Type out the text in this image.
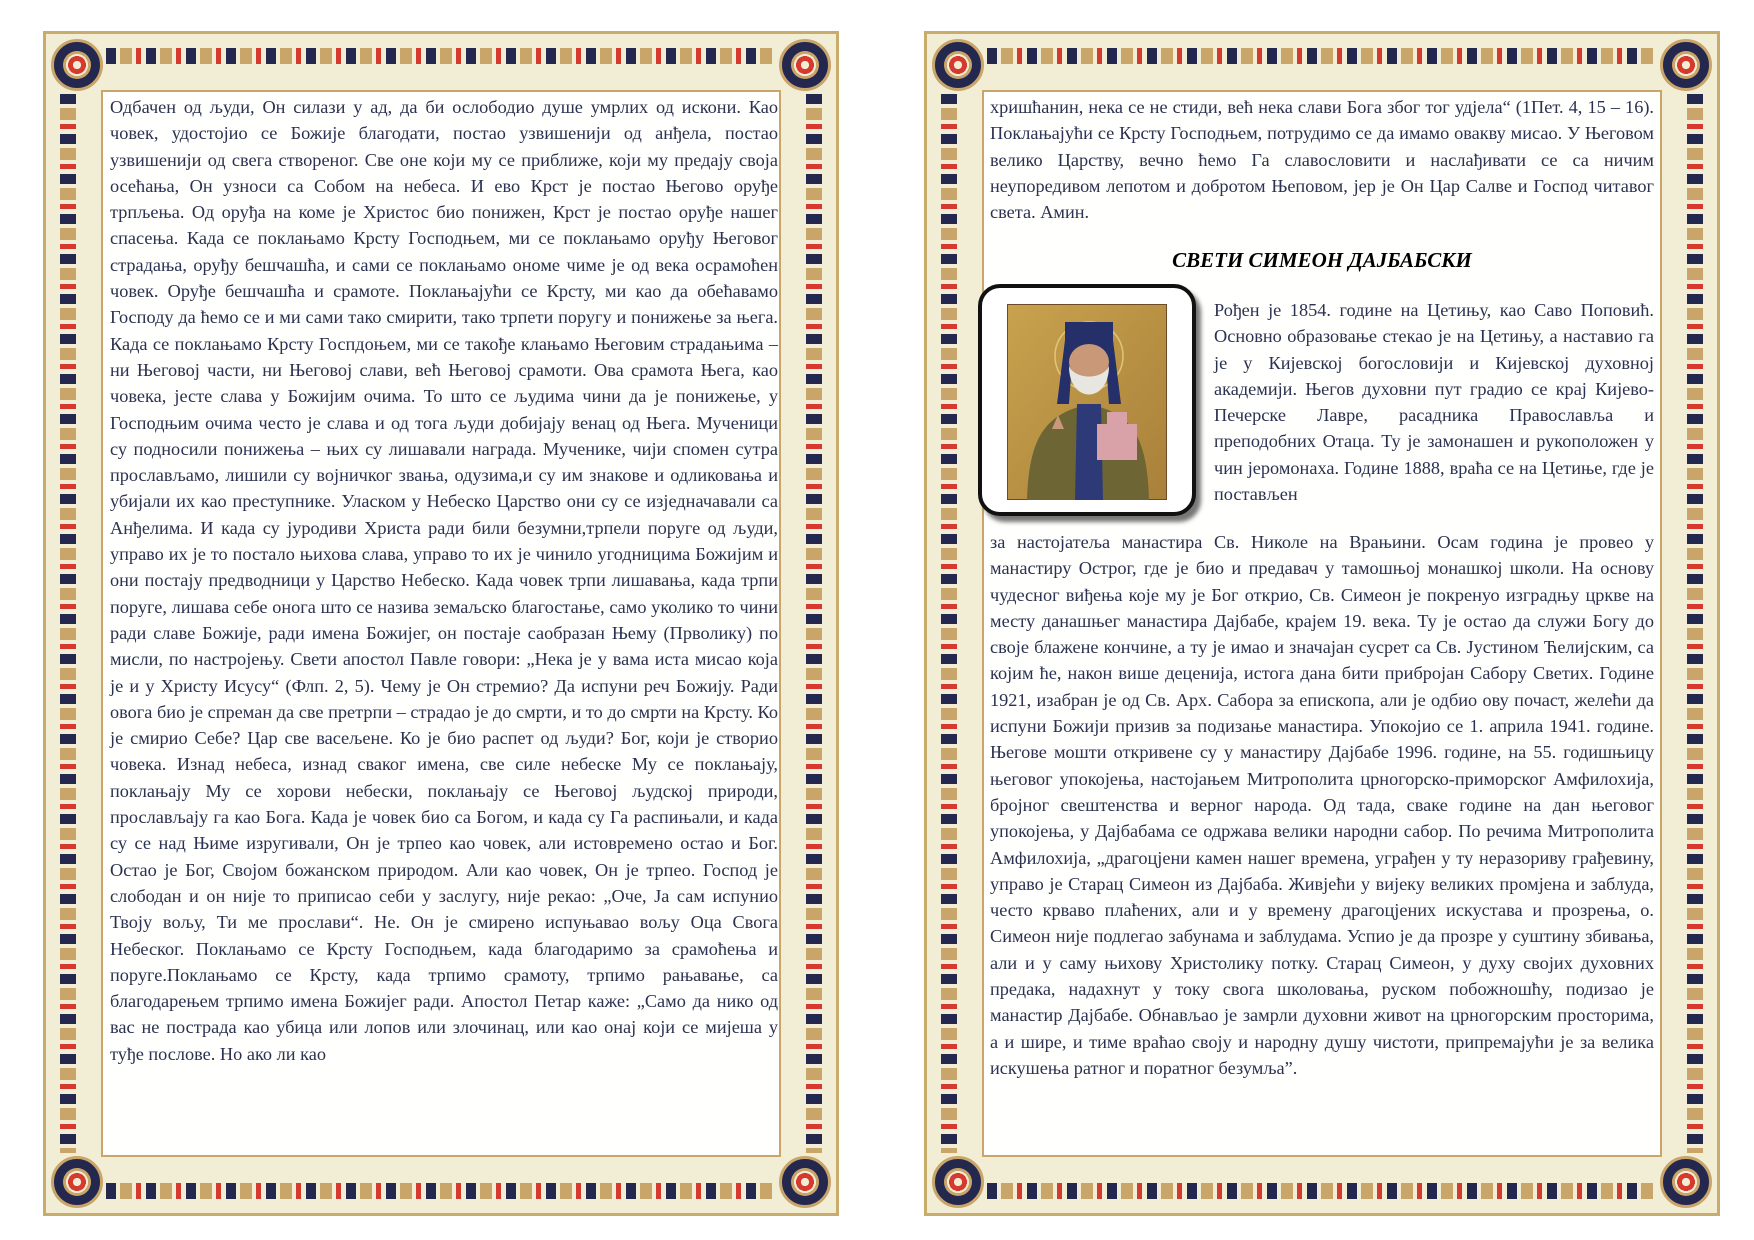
Одбачен од људи, Он силази у ад, да би ослободио душе умрлих од искони. Као човек, удостојио се Божије благодати, постао узвишенији од анђела, постао узвишенији од свега створеног. Све оне који му се приближе, који му предају своја осећања, Он узноси са Собом на небеса. И ево Крст је постао Његово оруђе трпљења. Од оруђа на коме је Христос био понижен, Крст је постао оруђе нашег спасења. Када се поклањамо Крсту Господњем, ми се поклањамо оруђу Његовог страдања, оруђу бешчашћа, и сами се поклањамо ономе чиме је од века осрамоћен човек. Оруђе бешчашћа и срамоте. Поклањајући се Крсту, ми као да обећавамо Господу да ћемо се и ми сами тако смирити, тако трпети поругу и понижење за њега. Када се поклањамо Крсту Госпдоњем, ми се такође клањамо Његовим страдањима – ни Његовој части, ни Његовој слави, већ Његовој срамоти. Ова срамота Њега, као човека, јесте слава у Божијим очима. То што се људима чини да је понижење, у Господњим очима често је слава и од тога људи добијају венац од Њега. Мученици су подносили понижења – њих су лишавали награда. Мученике, чији спомен сутра прослављамо, лишили су војничког звања, одузима,и су им знакове и одликовања и убијали их као преступнике. Уласком у Небеско Царство они су се изједначавали са Анђелима. И када су јуродиви Христа ради били безумни,трпели поруге од људи, управо их је то постало њихова слава, управо то их је чинило угодницима Божијим и они постају предводници у Царство Небеско. Када човек трпи лишавања, када трпи поруге, лишава себе онога што се назива земаљско благостање, само уколико то чини ради славе Божије, ради имена Божијег, он постаје саобразан Њему (Прволику) по мисли, по настројењу. Свети апостол Павле говори: „Нека је у вама иста мисао која је и у Христу Исусу“ (Флп. 2, 5). Чему је Он стремио? Да испуни реч Божију. Ради овога био је спреман да све претрпи – страдао је до смрти, и то до смрти на Крсту. Ко је смирио Себе? Цар све васељене. Ко је био распет од људи? Бог, који је створио човека. Изнад небеса, изнад сваког имена, све силе небеске Му се поклањају, поклањају Му се хорови небески, поклањају се Његовој људској природи, прослављају га као Бога. Када је човек био са Богом, и када су Га распињали, и када су се над Њиме изругивали, Он је трпео као човек, али истовремено остао и Бог. Остао је Бог, Својом божанском природом. Али као човек, Он је трпео. Господ је слободан и он није то приписао себи у заслугу, није рекао: „Оче, Ја сам испунио Твоју вољу, Ти ме прослави“. Не. Он је смирено испуњавао вољу Оца Свога Небеског. Поклањамо се Крсту Господњем, када благодаримо за срамоћења и поруге.Поклањамо се Крсту, када трпимо срамоту, трпимо рањавање, са благодарењем трпимо имена Божијег ради. Апостол Петар каже: „Само да нико од вас не пострада као убица или лопов или злочинац, или као онај који се мијеша у туђе послове. Но ако ли као

хришћанин, нека се не стиди, већ нека слави Бога због тог удјела“ (1Пет. 4, 15 – 16). Поклањајући се Крсту Господњем, потрудимо се да имамо овакву мисао. У Његовом велико Царству, вечно ћемо Га славословити и наслађивати се са ничим неупоредивом лепотом и добротом Њеповом, јер је Он Цар Салве и Господ читавог света. Амин.

СВЕТИ СИМЕОН ДАЈБАБСКИ

Рођен је 1854. године на Цетињу, као Саво Поповић. Основно образовање стекао је на Цетињу, а наставио га је у Кијевској богословији и Кијевској духовној академији. Његов духовни пут градио се крај Кијево-Печерске Лавре, расадника Православља и преподобних Отаца. Ту је замонашен и рукоположен у чин јеромонаха. Године 1888, враћа се на Цетиње, где је постављен

за настојатеља манастира Св. Николе на Врањини. Осам година је провео у манастиру Острог, где је био и предавач у тамошњој монашкој школи. На основу чудесног виђења које му је Бог открио, Св. Симеон је покренуо изградњу цркве на месту данашњег манастира Дајбабе, крајем 19. века. Ту је остао да служи Богу до своје блажене кончине, а ту је имао и значајан сусрет са Св. Јустином Ћелијским, са којим ће, након више деценија, истога дана бити прибројан Сабору Светих. Године 1921, изабран је од Св. Арх. Сабора за епископа, али је одбио ову почаст, желећи да испуни Божији призив за подизање манастира. Упокојио се 1. априла 1941. године. Његове мошти откривене су у манастиру Дајбабе 1996. године, на 55. годишњицу његовог упокојења, настојањем Митрополита црногорско-приморског Амфилохија, бројног свештенства и верног народа. Од тада, сваке године на дан његовог упокојења, у Дајбабама се одржава велики народни сабор. По речима Митрополита Амфилохија, „драгоцјени камен нашег времена, уграђен у ту неразориву грађевину, управо је Старац Симеон из Дајбаба. Живјећи у вијеку великих промјена и заблуда, често крваво плаћених, али и у времену драгоцјених искустава и прозрења, о. Симеон није подлегао забунама и заблудама. Успио је да прозре у суштину збивања, али и у саму њихову Христолику потку. Старац Симеон, у духу својих духовних предака, надахнут у току свога школовања, руском побожношћу, подизао је манастир Дајбабе. Обнављао је замрли духовни живот на црногорским просторима, а и шире, и тиме враћао своју и народну душу чистоти, припремајући је за велика искушења ратног и поратног безумља”.
